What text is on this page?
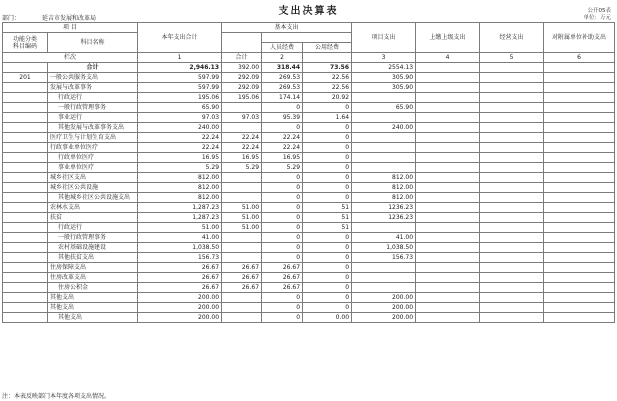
支出决算表	公开05表
单位：万元
部门：	延吉市发展和改革局
项 目		本年支出合计	基本支出			项目支出	上缴上级支出	经营支出	对附属单位补助支出
功能分类
科目编码	科目名称								
				人员经费	公用经费				
栏次		1	合计	2		3	4	5	6
	合计	2,946.13	392.00	318.44	73.56	2554.13			
201	一般公共服务支出	597.99	292.09	269.53	22.56	305.90			
	发展与改革事务	597.99	292.09	269.53	22.56	305.90			
	行政运行	195.06	195.06	174.14	20.92				
	一般行政管理事务	65.90		0	0	65.90			
	事业运行	97.03	97.03	95.39	1.64				
	其他发展与改革事务支出	240.00		0	0	240.00			
	医疗卫生与计划生育支出	22.24	22.24	22.24	0				
	行政事业单位医疗	22.24	22.24	22.24	0				
	行政单位医疗	16.95	16.95	16.95	0				
	事业单位医疗	5.29	5.29	5.29	0				
	城乡社区支出	812.00		0	0	812.00			
	城乡社区公共设施	812.00		0	0	812.00			
	其他城乡社区公共设施支出	812.00		0	0	812.00			
	农林水支出	1,287.23	51.00	0	51	1236.23			
	扶贫	1,287.23	51.00	0	51	1236.23			
	行政运行	51.00	51.00	0	51				
	一般行政管理事务	41.00		0	0	41.00			
	农村基础设施建设	1,038.50		0	0	1,038.50			
	其他扶贫支出	156.73		0	0	156.73			
	住房保障支出	26.67	26.67	26.67	0				
	住房改革支出	26.67	26.67	26.67	0				
	住房公积金	26.67	26.67	26.67	0				
	其他支出	200.00		0	0	200.00			
	其他支出	200.00		0	0	200.00			
	其他支出	200.00		0	0.00	200.00			
注：本表反映部门本年度各项支出情况。
